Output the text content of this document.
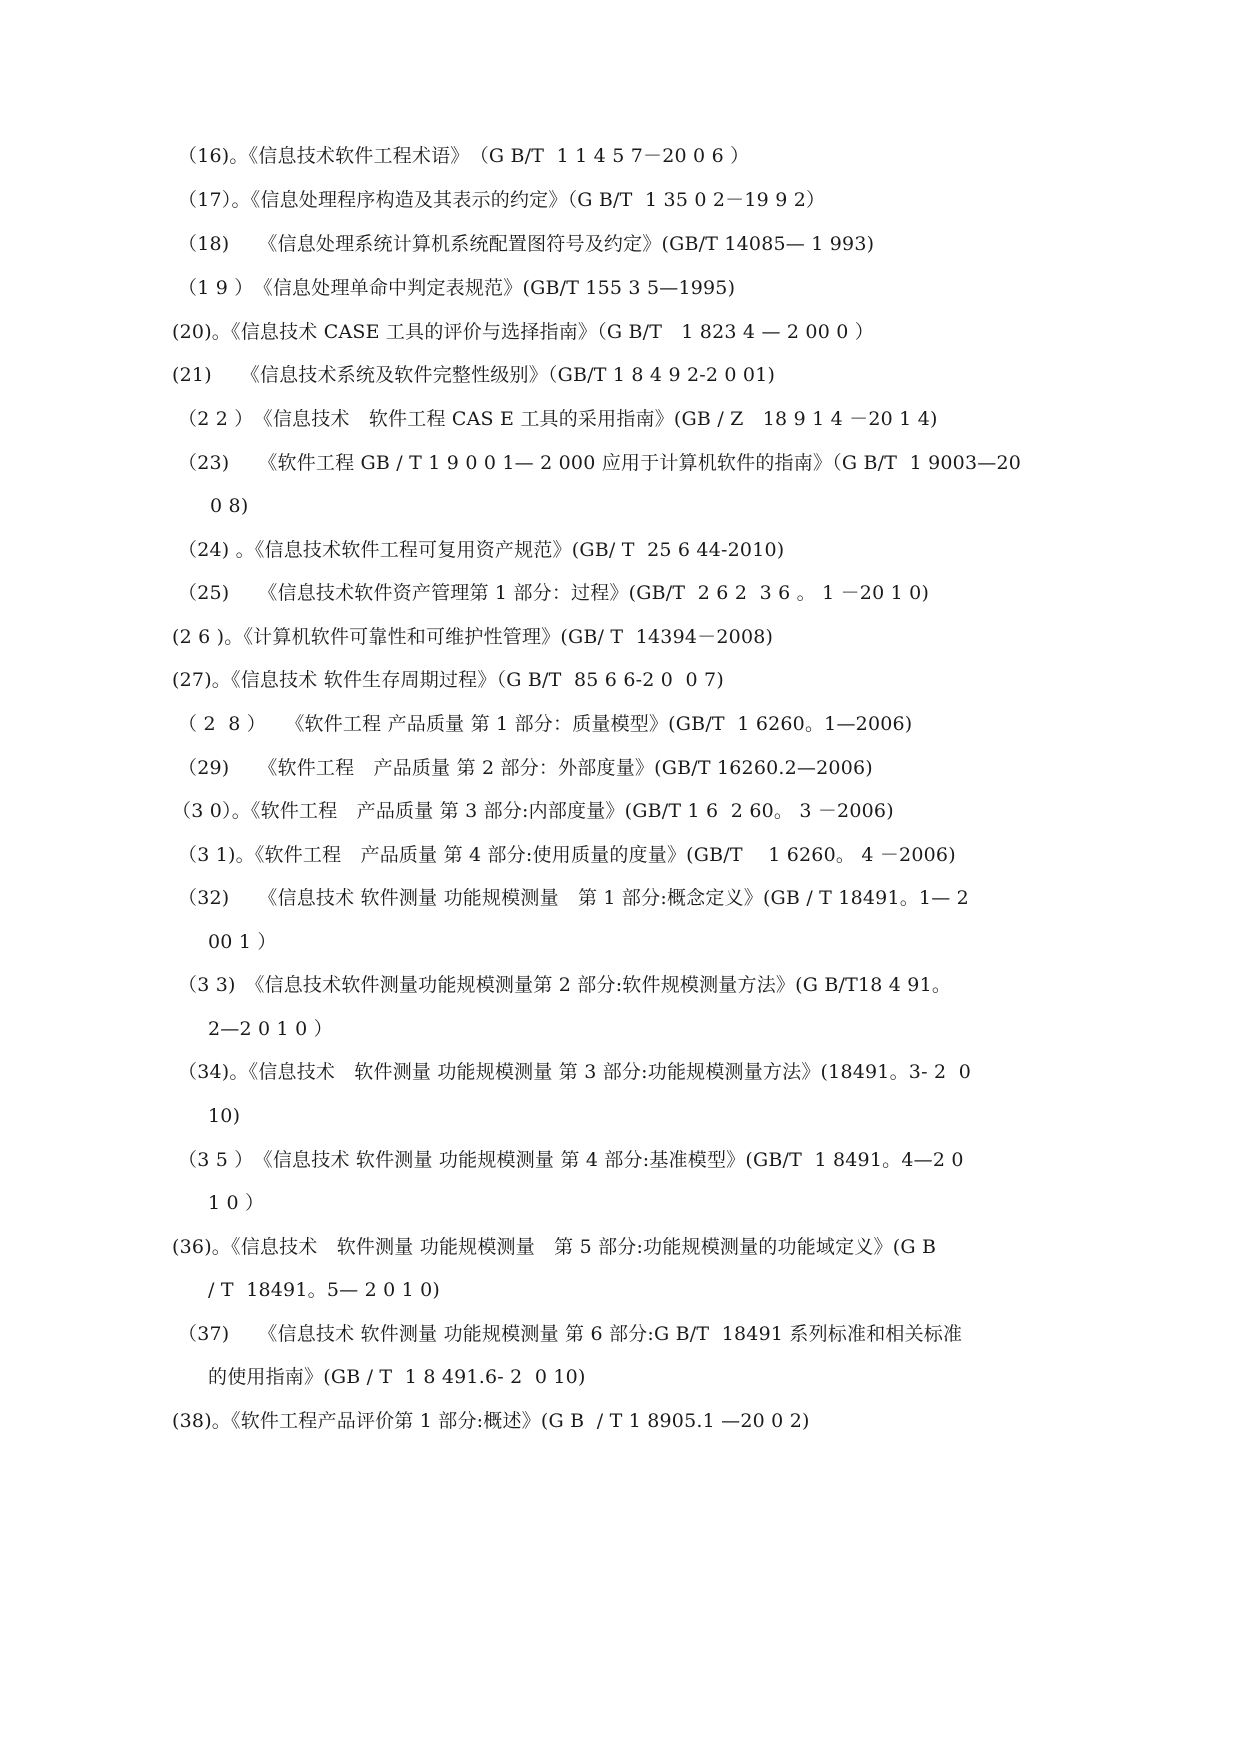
（16)。《信息技术软件工程术语》　（G B/T  1 1 4 5 7－20 0 6 ）
（17）。《信息处理程序构造及其表示的约定》（G B/T  1 35 0 2－19 9 2）
（18)　　《信息处理系统计算机系统配置图符号及约定》(GB/T 14085— 1 993)
（1 9 ）　《信息处理单命中判定表规范》(GB/T 155 3 5—1995)
(20)。《信息技术 CASE 工具的评价与选择指南》（G B/T　1 823 4 — 2 00 0 ）
(21)　　《信息技术系统及软件完整性级别》（GB/T 1 8 4 9 2-2 0 01)
（2 2 ）　《信息技术　软件工程 CAS E 工具的采用指南》(GB / Z　18 9 1 4 －20 1 4)
（23)　　《软件工程 GB / T 1 9 0 0 1— 2 000 应用于计算机软件的指南》（G B/T  1 9003—20
0 8)
（24) 。《信息技术软件工程可复用资产规范》(GB/ T  25 6 44-2010)
（25)　　《信息技术软件资产管理第 1 部分：过程》(GB/T  2 6 2  3 6 。 1 －20 1 0)
(2 6 )。《计算机软件可靠性和可维护性管理》(GB/ T  14394－2008)
(27)。《信息技术 软件生存周期过程》（G B/T  85 6 6-2 0  0 7)
（ 2  8 ）　　《软件工程 产品质量 第 1 部分：质量模型》(GB/T  1 6260。1—2006)
（29)　　《软件工程　产品质量 第 2 部分：外部度量》(GB/T 16260.2—2006)
（3 0）。《软件工程　产品质量 第 3 部分:内部度量》(GB/T 1 6  2 60。 3 －2006)
（3 1)。《软件工程　产品质量 第 4 部分:使用质量的度量》(GB/T　 1 6260。 4 －2006)
（32)　　《信息技术 软件测量 功能规模测量　第 1 部分:概念定义》(GB / T 18491。1— 2
00 1 ）
（3 3)　《信息技术软件测量功能规模测量第 2 部分:软件规模测量方法》(G B/T18 4 91。
2—2 0 1 0 ）
（34)。《信息技术　软件测量 功能规模测量 第 3 部分:功能规模测量方法》(18491。3- 2  0
10)
（3 5 ）　《信息技术 软件测量 功能规模测量 第 4 部分:基准模型》(GB/T  1 8491。4—2 0
1 0 ）
(36)。《信息技术　软件测量 功能规模测量　第 5 部分:功能规模测量的功能域定义》(G B
/ T  18491。5— 2 0 1 0)
（37)　　《信息技术 软件测量 功能规模测量 第 6 部分:G B/T  18491 系列标准和相关标准
的使用指南》(GB / T  1 8 491.6- 2  0 10)
(38)。《软件工程产品评价第 1 部分:概述》(G B  / T 1 8905.1 —20 0 2)
